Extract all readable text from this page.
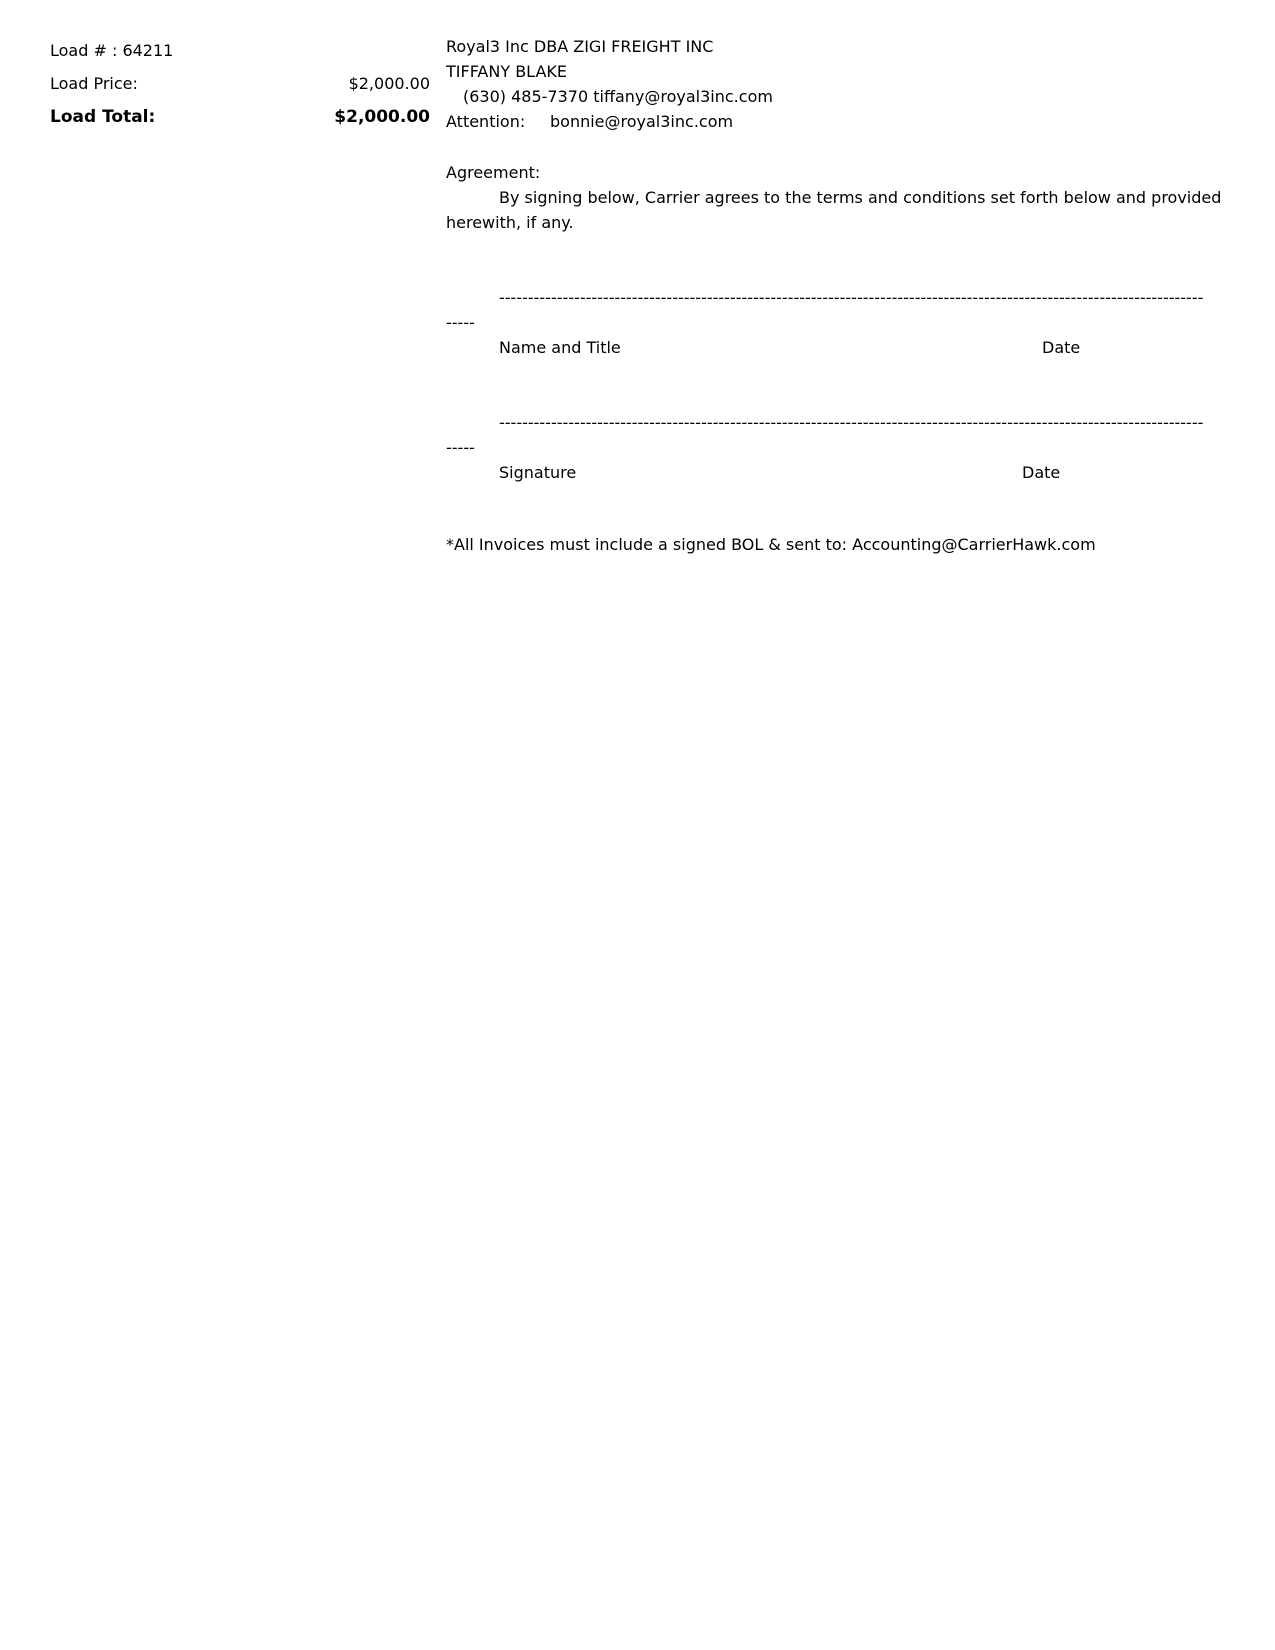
Load # : 64211
Load Price:	$2,000.00
Load Total:	$2,000.00
Royal3 Inc DBA ZIGI FREIGHT INC
TIFFANY BLAKE
(630) 485-7370 tiffany@royal3inc.com
Attention: bonnie@royal3inc.com
Agreement:
By signing below, Carrier agrees to the terms and conditions set forth below and provided herewith, if any.
--------------------------------------------------------------------------------------------------------------------------
-----
Name and Title	Date
--------------------------------------------------------------------------------------------------------------------------
-----
Signature	Date
*All Invoices must include a signed BOL & sent to: Accounting@CarrierHawk.com
